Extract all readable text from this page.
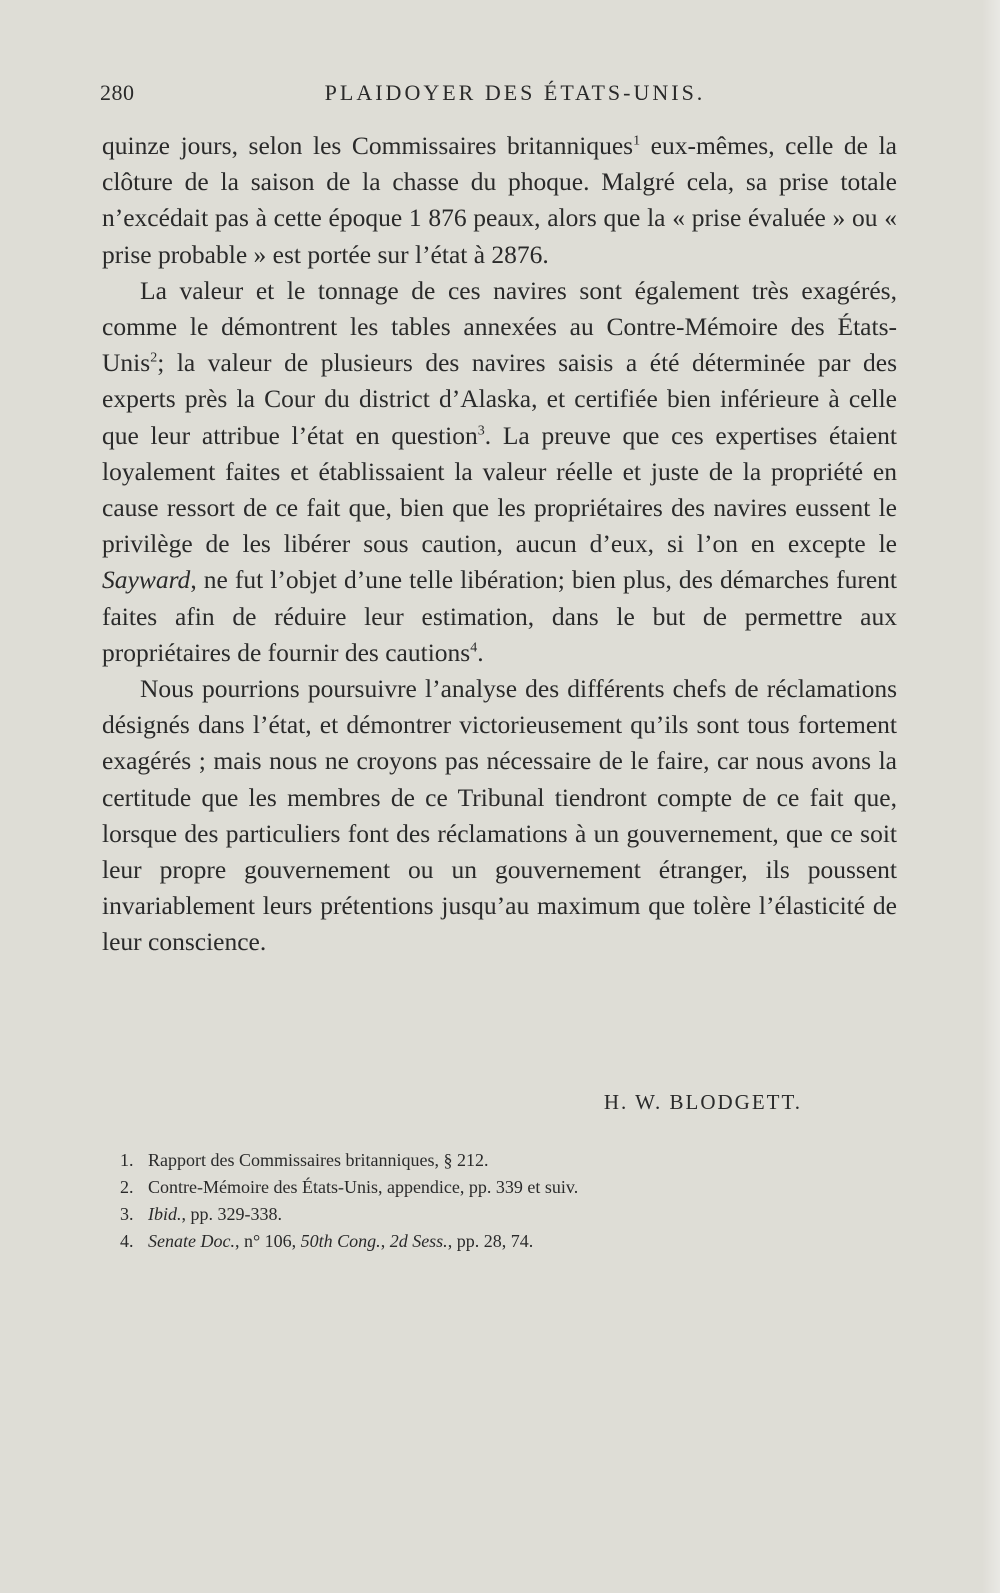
280	PLAIDOYER DES ÉTATS-UNIS.

quinze jours, selon les Commissaires britanniques$^1$ eux-mêmes, celle de la clôture de la saison de la chasse du phoque. Malgré cela, sa prise totale n’excédait pas à cette époque 1 876 peaux, alors que la « prise évaluée » ou « prise probable » est portée sur l’état à 2876.

La valeur et le tonnage de ces navires sont également très exagérés, comme le démontrent les tables annexées au Contre-Mémoire des États-Unis$^2$; la valeur de plusieurs des navires saisis a été déterminée par des experts près la Cour du district d’Alaska, et certifiée bien inférieure à celle que leur attribue l’état en question$^3$. La preuve que ces expertises étaient loyalement faites et établissaient la valeur réelle et juste de la propriété en cause ressort de ce fait que, bien que les propriétaires des navires eussent le privilège de les libérer sous caution, aucun d’eux, si l’on en excepte le Sayward, ne fut l’objet d’une telle libération; bien plus, des démarches furent faites afin de réduire leur estimation, dans le but de permettre aux propriétaires de fournir des cautions$^4$.

Nous pourrions poursuivre l’analyse des différents chefs de réclamations désignés dans l’état, et démontrer victorieusement qu’ils sont tous fortement exagérés ; mais nous ne croyons pas nécessaire de le faire, car nous avons la certitude que les membres de ce Tribunal tiendront compte de ce fait que, lorsque des particuliers font des réclamations à un gouvernement, que ce soit leur propre gouvernement ou un gouvernement étranger, ils poussent invariablement leurs prétentions jusqu’au maximum que tolère l’élasticité de leur conscience.

H. W. BLODGETT.
1. Rapport des Commissaires britanniques, § 212.
2. Contre-Mémoire des États-Unis, appendice, pp. 339 et suiv.
3. Ibid., pp. 329-338.
4. Senate Doc., n° 106, 50th Cong., 2d Sess., pp. 28, 74.
